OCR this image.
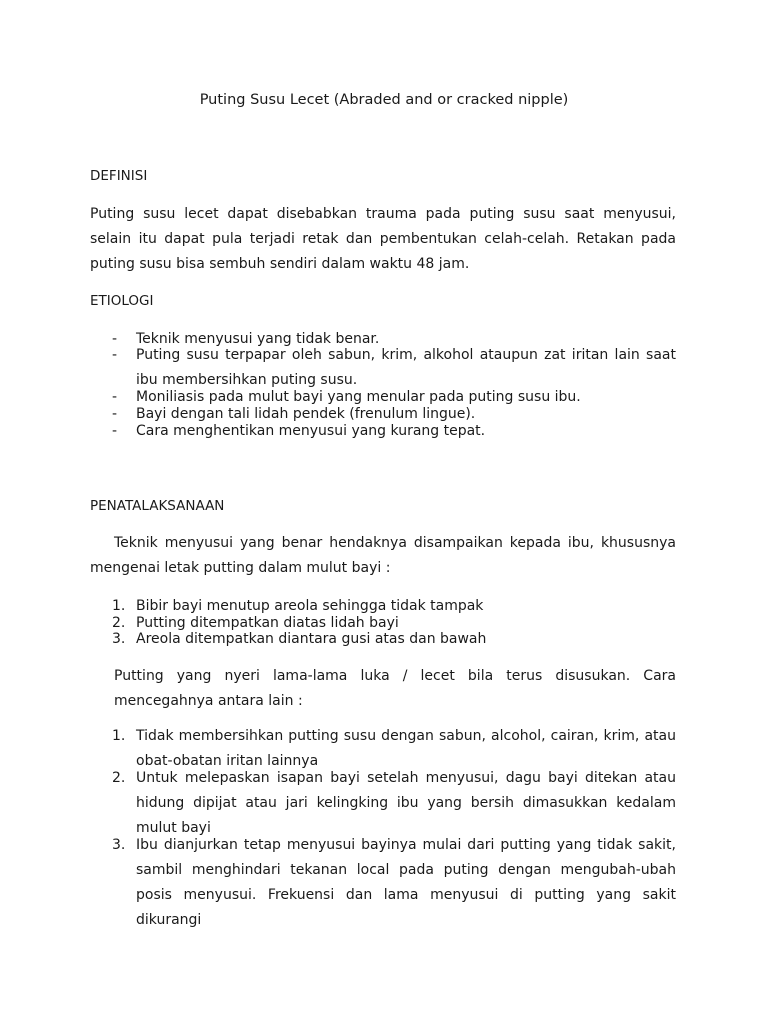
Puting Susu Lecet (Abraded and or cracked nipple)
DEFINISI
Puting susu lecet dapat disebabkan trauma pada puting susu saat menyusui, selain itu dapat pula terjadi retak dan pembentukan celah-celah. Retakan pada puting susu bisa sembuh sendiri dalam waktu 48 jam.
ETIOLOGI
- Teknik menyusui yang tidak benar.
- Puting susu terpapar oleh sabun, krim, alkohol ataupun zat iritan lain saat ibu membersihkan puting susu.
- Moniliasis pada mulut bayi yang menular pada puting susu ibu.
- Bayi dengan tali lidah pendek (frenulum lingue).
- Cara menghentikan menyusui yang kurang tepat.
PENATALAKSANAAN
Teknik menyusui yang benar hendaknya disampaikan kepada ibu, khususnya mengenai letak putting dalam mulut bayi :
1. Bibir bayi menutup areola sehingga tidak tampak
2. Putting ditempatkan diatas lidah bayi
3. Areola ditempatkan diantara gusi atas dan bawah
Putting yang nyeri lama-lama luka / lecet bila terus disusukan. Cara mencegahnya antara lain :
1. Tidak membersihkan putting susu dengan sabun, alcohol, cairan, krim, atau obat-obatan iritan lainnya
2. Untuk melepaskan isapan bayi setelah menyusui, dagu bayi ditekan atau hidung dipijat atau jari kelingking ibu yang bersih dimasukkan kedalam mulut bayi
3. Ibu dianjurkan tetap menyusui bayinya mulai dari putting yang tidak sakit, sambil menghindari tekanan local pada puting dengan mengubah-ubah posis menyusui. Frekuensi dan lama menyusui di putting yang sakit dikurangi
